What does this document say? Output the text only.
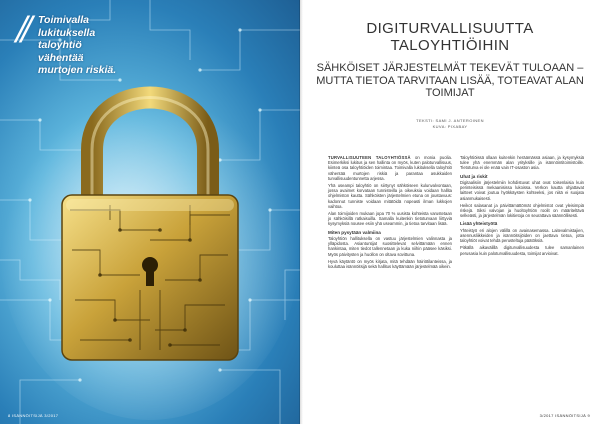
// Toimivalla lukituksella taloyhtiö vähentää murtojen riskiä.
8 ISÄNNÖITSIJÄ 3/2017
DIGITURVALLISUUTTA TALOYHTIÖIHIN
SÄHKÖISET JÄRJESTELMÄT TEKEVÄT TULOAAN – MUTTA TIETOA TARVITAAN LISÄÄ, TOTEAVAT ALAN TOIMIJAT
TEKSTI: SAMI J. ANTEROINEN
KUVA: PIXABAY

TURVALLISUUTEEN TALOYHTIÖSSÄ on monia puolia. Esimerkiksi lukitus ja sen hallinta on myös, kuten paloturvallisuus, kiinteä osa taloyhtiöiden toimintaa. Toimivalla lukituksella taloyhtiö vähentää murtojen riskiä ja parantaa asukkaiden turvallisuudentunnetta arjessa.

Yhä useampi taloyhtiö on siirtynyt sähköiseen kulunvalvontaan, jossa avaimet korvataan tunnisteilla ja oikeuksia voidaan hallita ohjelmiston kautta. Sähköisten järjestelmien etuna on joustavuus: kadonnut tunniste voidaan mitätöidä nopeasti ilman lukkojen vaihtoa.

Alan toimijoiden mukaan jopa 70 % uusista kohteista varustetaan jo sähköisillä ratkaisuilla. Samalla kuitenkin tietoturvaan liittyviä kysymyksiä nousee esiin yhä useammin, ja tietoa tarvitaan lisää.

Miten pysytään valmiina

Taloyhtiön hallituksella on vastuu järjestelmien valinnasta ja ylläpidosta. Asiantuntijat suosittelevat selvittämään ennen hankintaa, miten tiedot tallennetaan ja kuka niihin pääsee käsiksi. Myös päivitysten ja huollon on oltava sovittuna.

Hyvä käytäntö on myös kirjata, mitä tehdään häiriötilanteissa, ja kouluttaa isännöitsijä sekä hallitus käyttämään järjestelmää oikein.

Taloyhtiöissä ollaan kuitenkin heräämässä asiaan, ja kysymyksiä tulee yhä enemmän alan yrityksille ja isännöintitoimistoille. Tietoturva ei ole enää vain IT-osaston asia.

Uhat ja riskit

Digitaalisiin järjestelmiin kohdistuvat uhat ovat toisenlaisia kuin perinteisissä mekaanisissa lukoissa. Verkon kautta ohjattavat laitteet voivat joutua hyökkäysten kohteeksi, jos niitä ei suojata asianmukaisesti.

Heikot salasanat ja päivittämättömät ohjelmistot ovat yleisimpiä riskejä. Siksi valvojan ja huoltoyhtiön roolit on määriteltävä selkeästi, ja järjestelmän lokitietoja on seurattava säännöllisesti.

Lisää yhteistyötä

Yhteistyö eri alojen välillä on avainasemassa. Laitevalmistajien, asennusliikkeiden ja isännöitsijöiden on jaettava tietoa, jotta taloyhtiöt voivat tehdä perusteltuja päätöksiä.

Pitkällä aikavälillä digiturvallisuudesta tulee samanlainen perusasia kuin paloturvallisuudesta, toimijat arvioivat.

3/2017 ISÄNNÖITSIJÄ 9
